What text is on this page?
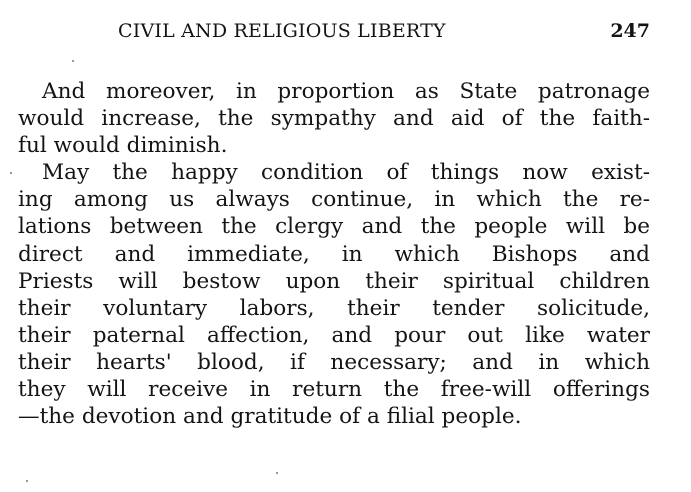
CIVIL AND RELIGIOUS LIBERTY	247
And moreover, in proportion as State patronage
would increase, the sympathy and aid of the faith-
ful would diminish.
May the happy condition of things now exist-
ing among us always continue, in which the re-
lations between the clergy and the people will be
direct and immediate, in which Bishops and
Priests will bestow upon their spiritual children
their voluntary labors, their tender solicitude,
their paternal affection, and pour out like water
their hearts' blood, if necessary; and in which
they will receive in return the free-will offerings
—the devotion and gratitude of a filial people.
